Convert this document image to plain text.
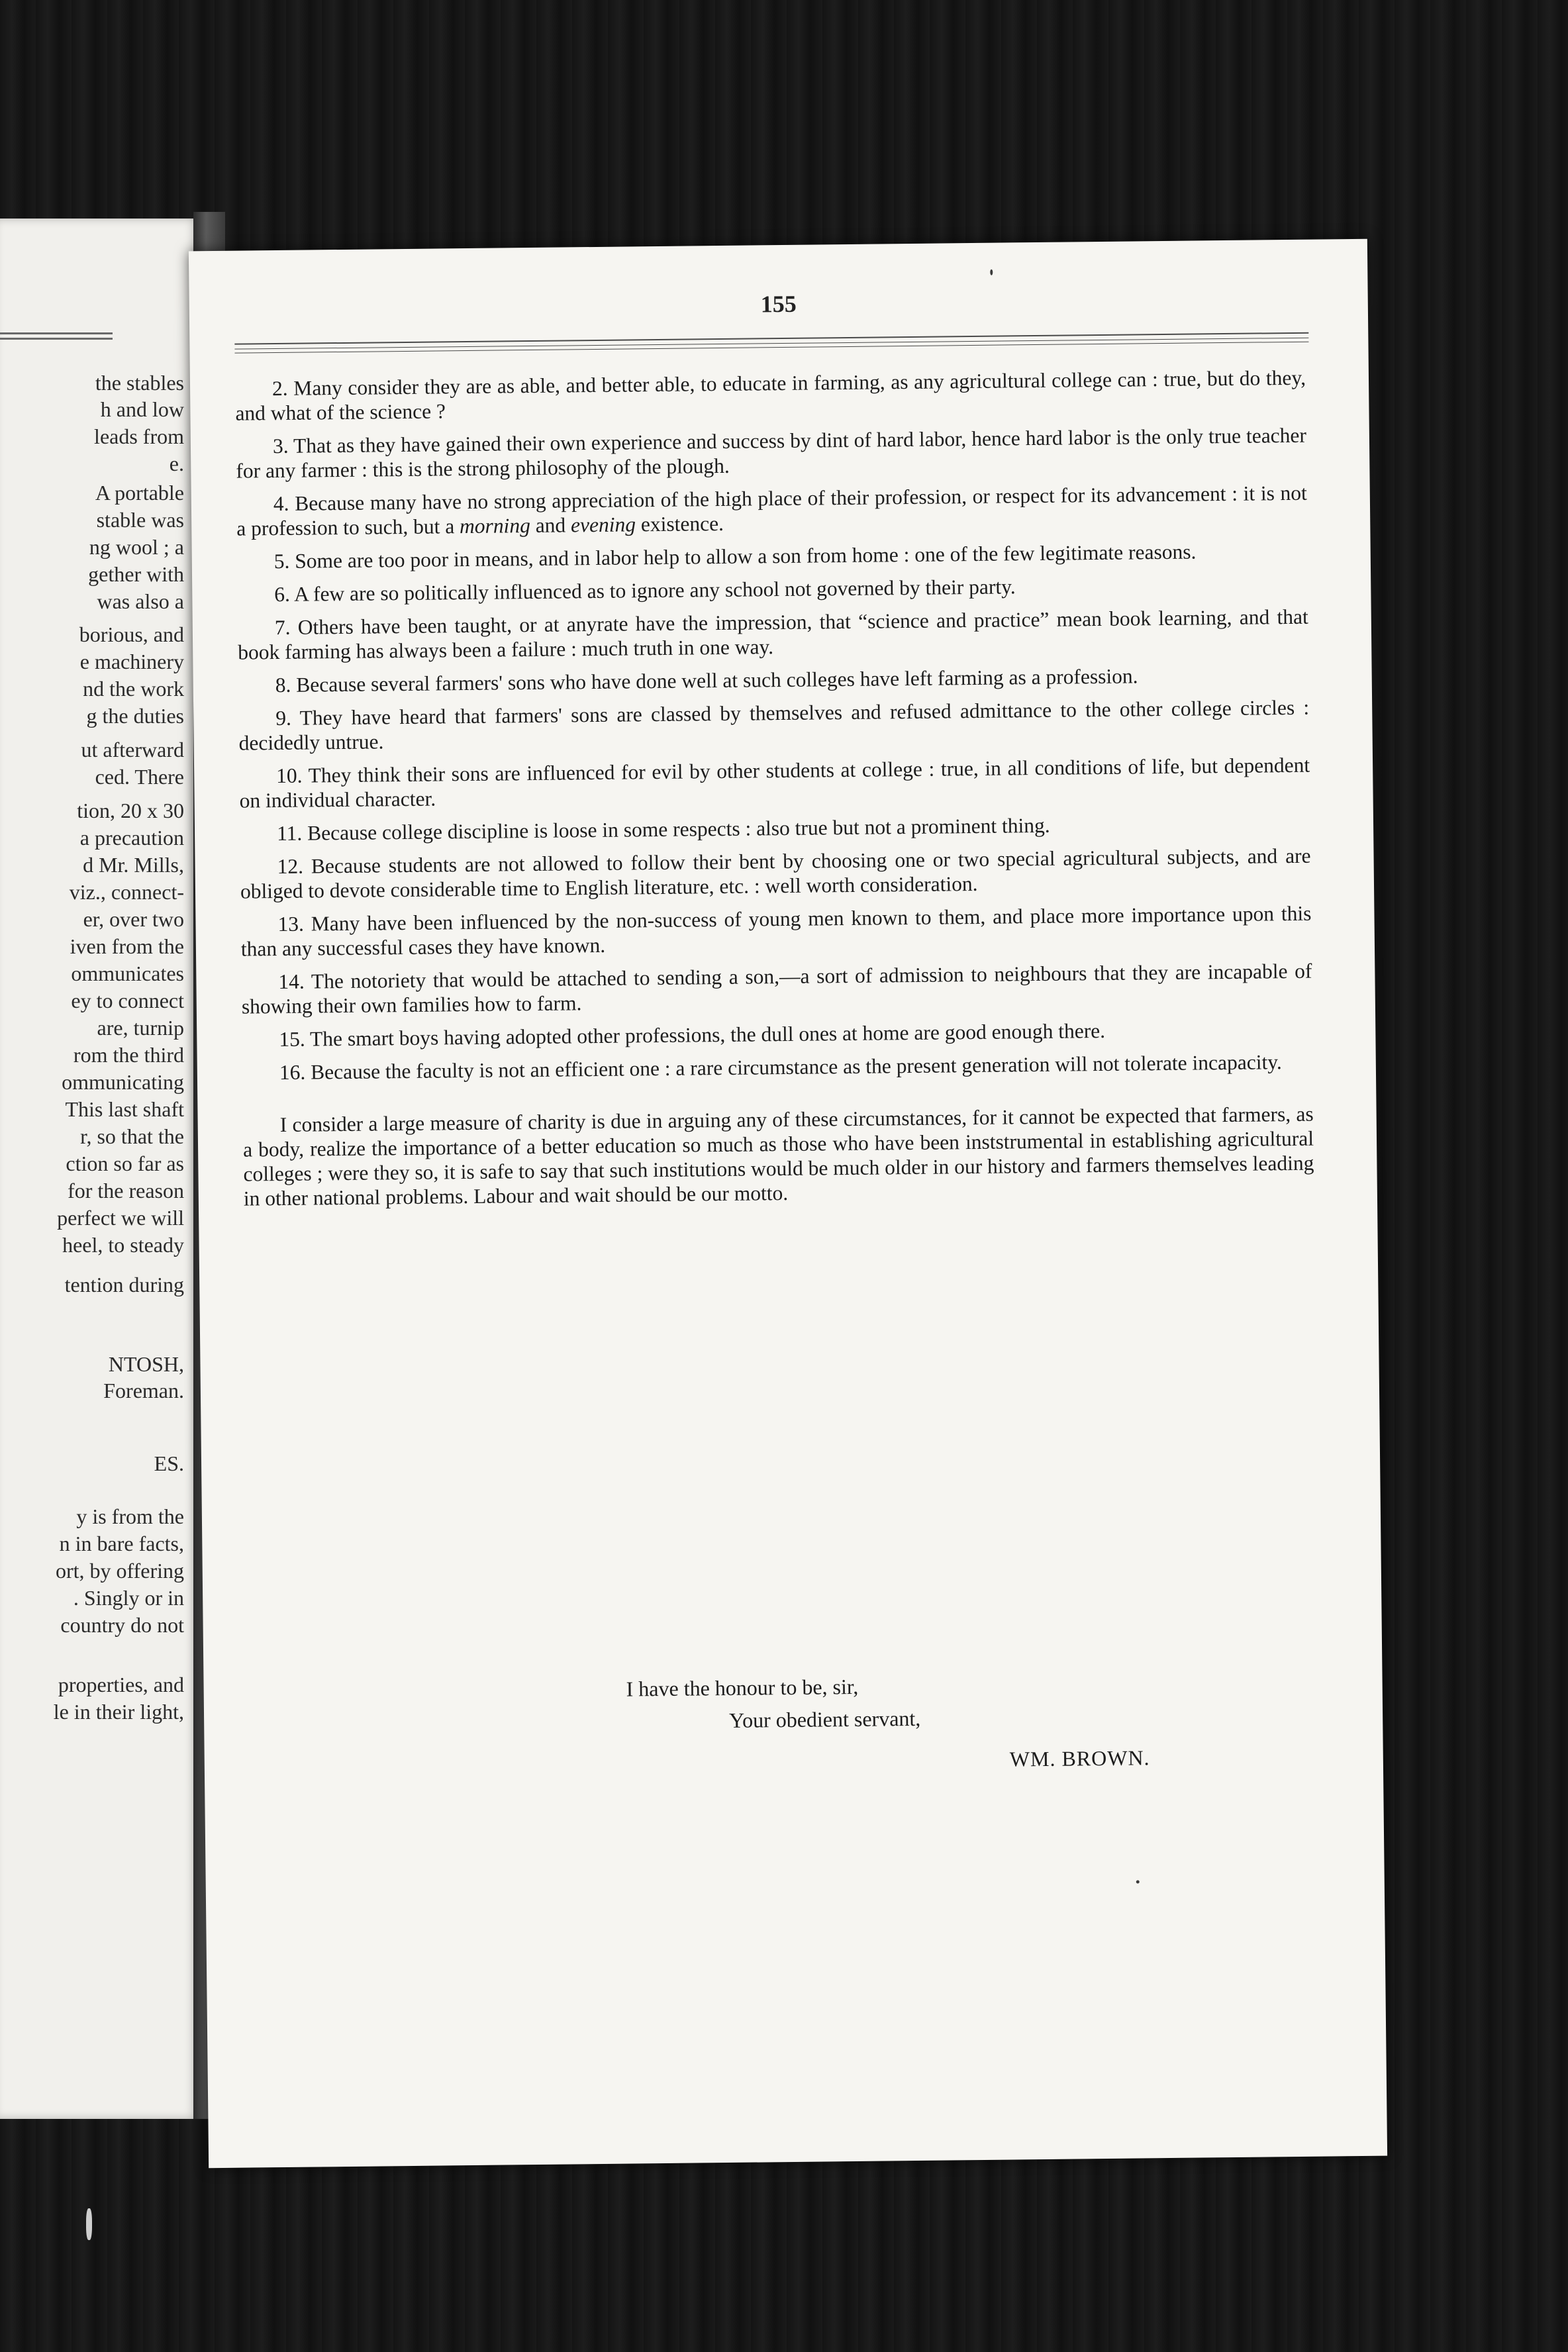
the stables
h and low
leads from
e.
A portable
stable was
ng wool ; a
gether with
was also a
borious, and
e machinery
nd the work
g the duties
ut afterward
ced. There
tion, 20 x 30
a precaution
d Mr. Mills,
viz., connect-
er, over two
iven from the
ommunicates
ey to connect
are, turnip
rom the third
ommunicating
This last shaft
r, so that the
ction so far as
for the reason
perfect we will
heel, to steady
tention during
NTOSH,
Foreman.
ES.
y is from the
n in bare facts,
ort, by offering
. Singly or in
country do not
properties, and
le in their light,
155

2. Many consider they are as able, and better able, to educate in farming, as any agricultural college can : true, but do they, and what of the science ?

3. That as they have gained their own experience and success by dint of hard labor, hence hard labor is the only true teacher for any farmer : this is the strong philosophy of the plough.

4. Because many have no strong appreciation of the high place of their profession, or respect for its advancement : it is not a profession to such, but a morning and evening existence.

5. Some are too poor in means, and in labor help to allow a son from home : one of the few legitimate reasons.

6. A few are so politically influenced as to ignore any school not governed by their party.

7. Others have been taught, or at anyrate have the impression, that “science and practice” mean book learning, and that book farming has always been a failure : much truth in one way.

8. Because several farmers' sons who have done well at such colleges have left farming as a profession.

9. They have heard that farmers' sons are classed by themselves and refused admittance to the other college circles : decidedly untrue.

10. They think their sons are influenced for evil by other students at college : true, in all conditions of life, but dependent on individual character.

11. Because college discipline is loose in some respects : also true but not a prominent thing.

12. Because students are not allowed to follow their bent by choosing one or two special agricultural subjects, and are obliged to devote considerable time to English literature, etc. : well worth consideration.

13. Many have been influenced by the non-success of young men known to them, and place more importance upon this than any successful cases they have known.

14. The notoriety that would be attached to sending a son,—a sort of admission to neighbours that they are incapable of showing their own families how to farm.

15. The smart boys having adopted other professions, the dull ones at home are good enough there.

16. Because the faculty is not an efficient one : a rare circumstance as the present generation will not tolerate incapacity.

I consider a large measure of charity is due in arguing any of these circumstances, for it cannot be expected that farmers, as a body, realize the importance of a better education so much as those who have been inststrumental in establishing agricultural colleges ; were they so, it is safe to say that such institutions would be much older in our history and farmers themselves leading in other national problems. Labour and wait should be our motto.

I have the honour to be, sir,
Your obedient servant,
WM. BROWN.
